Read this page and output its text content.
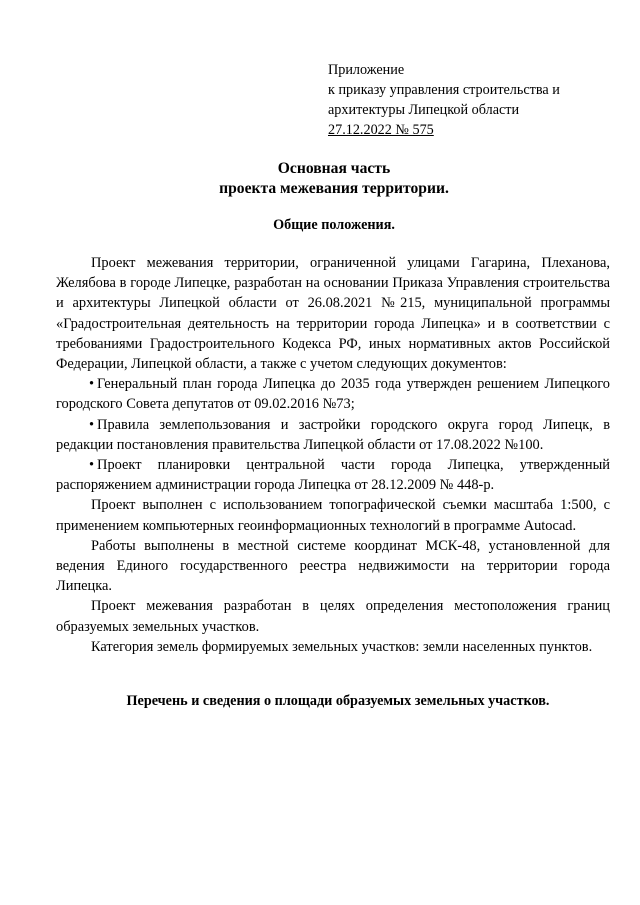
Приложение
к приказу управления строительства и
архитектуры Липецкой области
27.12.2022 № 575
Основная часть
проекта межевания территории.
Общие положения.

Проект межевания территории, ограниченной улицами Гагарина, Плеханова, Желябова в городе Липецке, разработан на основании Приказа Управления строительства и архитектуры Липецкой области от 26.08.2021 №215, муниципальной программы «Градостроительная деятельность на территории города Липецка» и в соответствии с требованиями Градостроительного Кодекса РФ, иных нормативных актов Российской Федерации, Липецкой области, а также с учетом следующих документов:

• Генеральный план города Липецка до 2035 года утвержден решением Липецкого городского Совета депутатов от 09.02.2016 №73;

• Правила землепользования и застройки городского округа город Липецк, в редакции постановления правительства Липецкой области от 17.08.2022 №100.

• Проект планировки центральной части города Липецка, утвержденный распоряжением администрации города Липецка от 28.12.2009 № 448-р.

Проект выполнен с использованием топографической съемки масштаба 1:500, с применением компьютерных геоинформационных технологий в программе Autocad.

Работы выполнены в местной системе координат МСК-48, установленной для ведения Единого государственного реестра недвижимости на территории города Липецка.

Проект межевания разработан в целях определения местоположения границ образуемых земельных участков.

Категория земель формируемых земельных участков: земли населенных пунктов.

Перечень и сведения о площади образуемых земельных участков.
